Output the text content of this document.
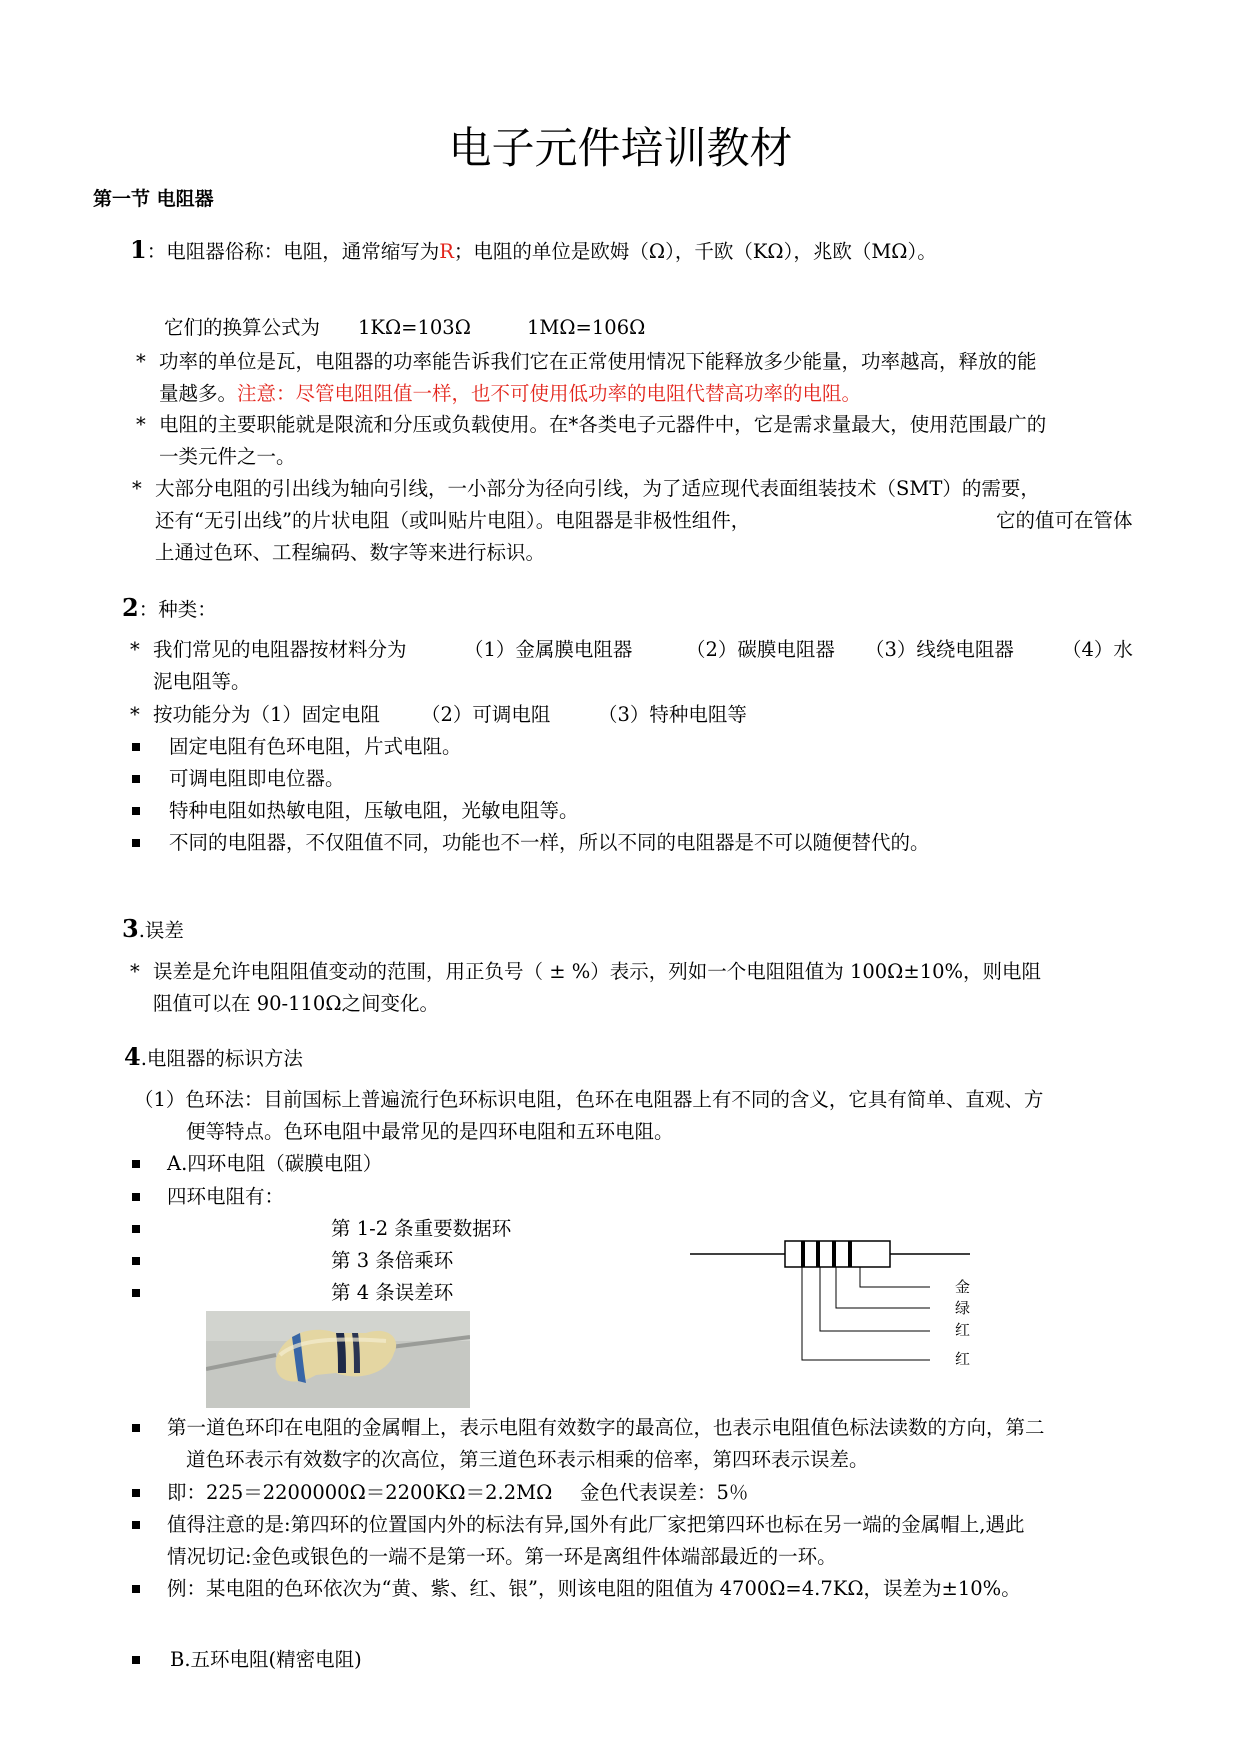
电子元件培训教材
第一节 电阻器
1：电阻器俗称：电阻，通常缩写为R；电阻的单位是欧姆（Ω），千欧（KΩ），兆欧（MΩ）。
它们的换算公式为 1KΩ=103Ω	1MΩ=106Ω
* 功率的单位是瓦，电阻器的功率能告诉我们它在正常使用情况下能释放多少能量，功率越高，释放的能
量越多。注意：尽管电阻阻值一样，也不可使用低功率的电阻代替高功率的电阻。
* 电阻的主要职能就是限流和分压或负载使用。在*各类电子元器件中，它是需求量最大，使用范围最广的
一类元件之一。
* 大部分电阻的引出线为轴向引线，一小部分为径向引线，为了适应现代表面组装技术（SMT）的需要，
还有“无引出线”的片状电阻（或叫贴片电阻）。电阻器是非极性组件，	它的值可在管体
上通过色环、工程编码、数字等来进行标识。
2：种类：
* 我们常见的电阻器按材料分为	（1）金属膜电阻器	（2）碳膜电阻器 （3）线绕电阻器 （4）水
泥电阻等。
* 按功能分为（1）固定电阻 （2）可调电阻 （3）特种电阻等
固定电阻有色环电阻，片式电阻。
可调电阻即电位器。
特种电阻如热敏电阻，压敏电阻，光敏电阻等。
不同的电阻器，不仅阻值不同，功能也不一样，所以不同的电阻器是不可以随便替代的。
3.误差
* 误差是允许电阻阻值变动的范围，用正负号（ ± %）表示，列如一个电阻阻值为 100Ω±10%，则电阻
阻值可以在 90-110Ω之间变化。
4.电阻器的标识方法
（1）色环法：目前国标上普遍流行色环标识电阻，色环在电阻器上有不同的含义，它具有简单、直观、方
便等特点。色环电阻中最常见的是四环电阻和五环电阻。
A.四环电阻（碳膜电阻）
四环电阻有：
第 1-2 条重要数据环
第 3 条倍乘环
第 4 条误差环	金
绿
红
红
第一道色环印在电阻的金属帽上，表示电阻有效数字的最高位，也表示电阻值色标法读数的方向，第二
道色环表示有效数字的次高位，第三道色环表示相乘的倍率，第四环表示误差。
即：225＝2200000Ω＝2200KΩ＝2.2MΩ 金色代表误差：5％
值得注意的是:第四环的位置国内外的标法有异,国外有此厂家把第四环也标在另一端的金属帽上,遇此
情况切记:金色或银色的一端不是第一环。第一环是离组件体端部最近的一环。
例：某电阻的色环依次为“黄、紫、红、银”，则该电阻的阻值为 4700Ω=4.7KΩ，误差为±10%。
B.五环电阻(精密电阻)
